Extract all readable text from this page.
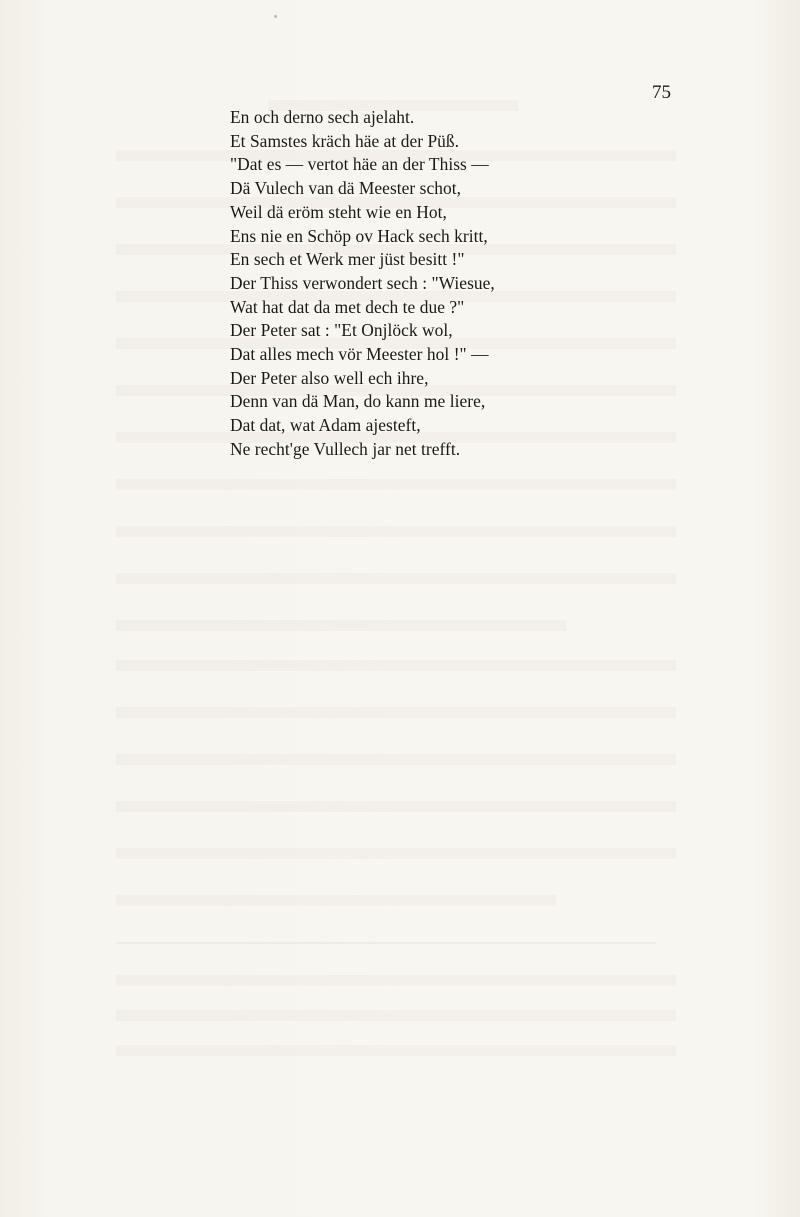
75
En och derno sech ajelaht.
Et Samstes kräch häe at der Püß.
"Dat es — vertot häe an der Thiss —
Dä Vulech van dä Meester schot,
Weil dä eröm steht wie en Hot,
Ens nie en Schöp ov Hack sech kritt,
En sech et Werk mer jüst besitt !"
Der Thiss verwondert sech : "Wiesue,
Wat hat dat da met dech te due ?"
Der Peter sat : "Et Onjlöck wol,
Dat alles mech vör Meester hol !" —
Der Peter also well ech ihre,
Denn van dä Man, do kann me liere,
Dat dat, wat Adam ajesteft,
Ne recht'ge Vullech jar net trefft.
